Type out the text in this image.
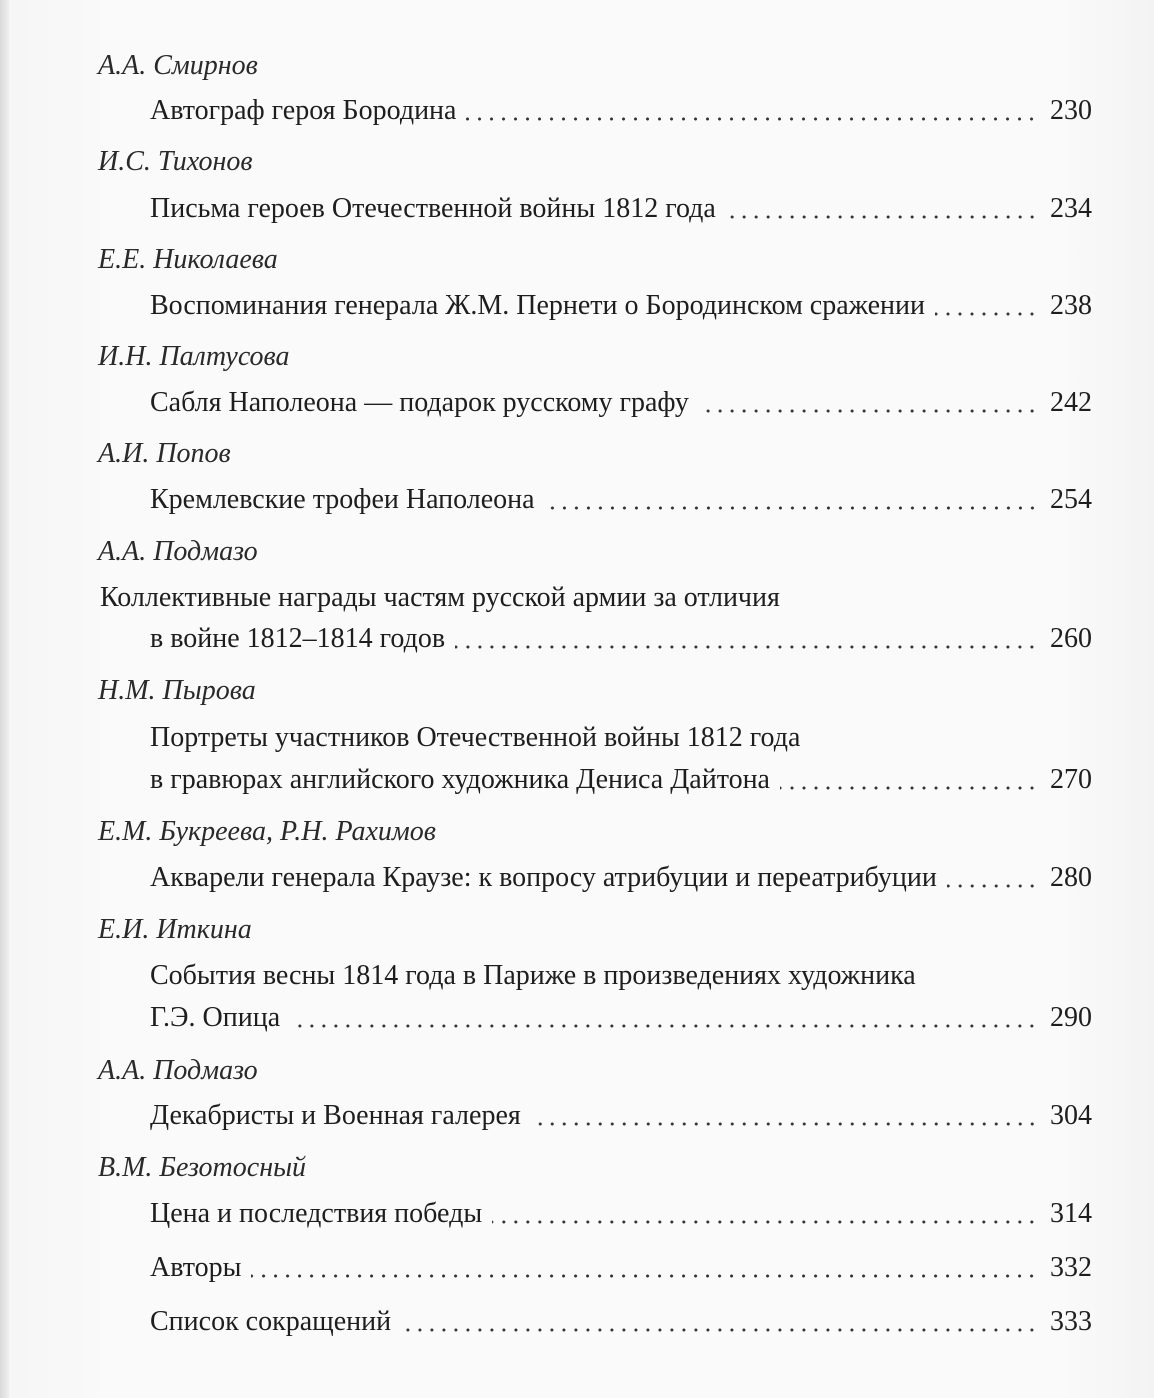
А.А. Смирнов
Автограф героя Бородина	230
И.С. Тихонов
Письма героев Отечественной войны 1812 года	234
Е.Е. Николаева
Воспоминания генерала Ж.М. Пернети о Бородинском сражении	238
И.Н. Палтусова
Сабля Наполеона — подарок русскому графу	242
А.И. Попов
Кремлевские трофеи Наполеона	254
А.А. Подмазо
Коллективные награды частям русской армии за отличия
в войне 1812–1814 годов	260
Н.М. Пырова
Портреты участников Отечественной войны 1812 года
в гравюрах английского художника Дениса Дайтона	270
Е.М. Букреева, Р.Н. Рахимов
Акварели генерала Краузе: к вопросу атрибуции и переатрибуции	280
Е.И. Иткина
События весны 1814 года в Париже в произведениях художника
Г.Э. Опица	290
А.А. Подмазо
Декабристы и Военная галерея	304
В.М. Безотосный
Цена и последствия победы	314
Авторы	332
Список сокращений	333
